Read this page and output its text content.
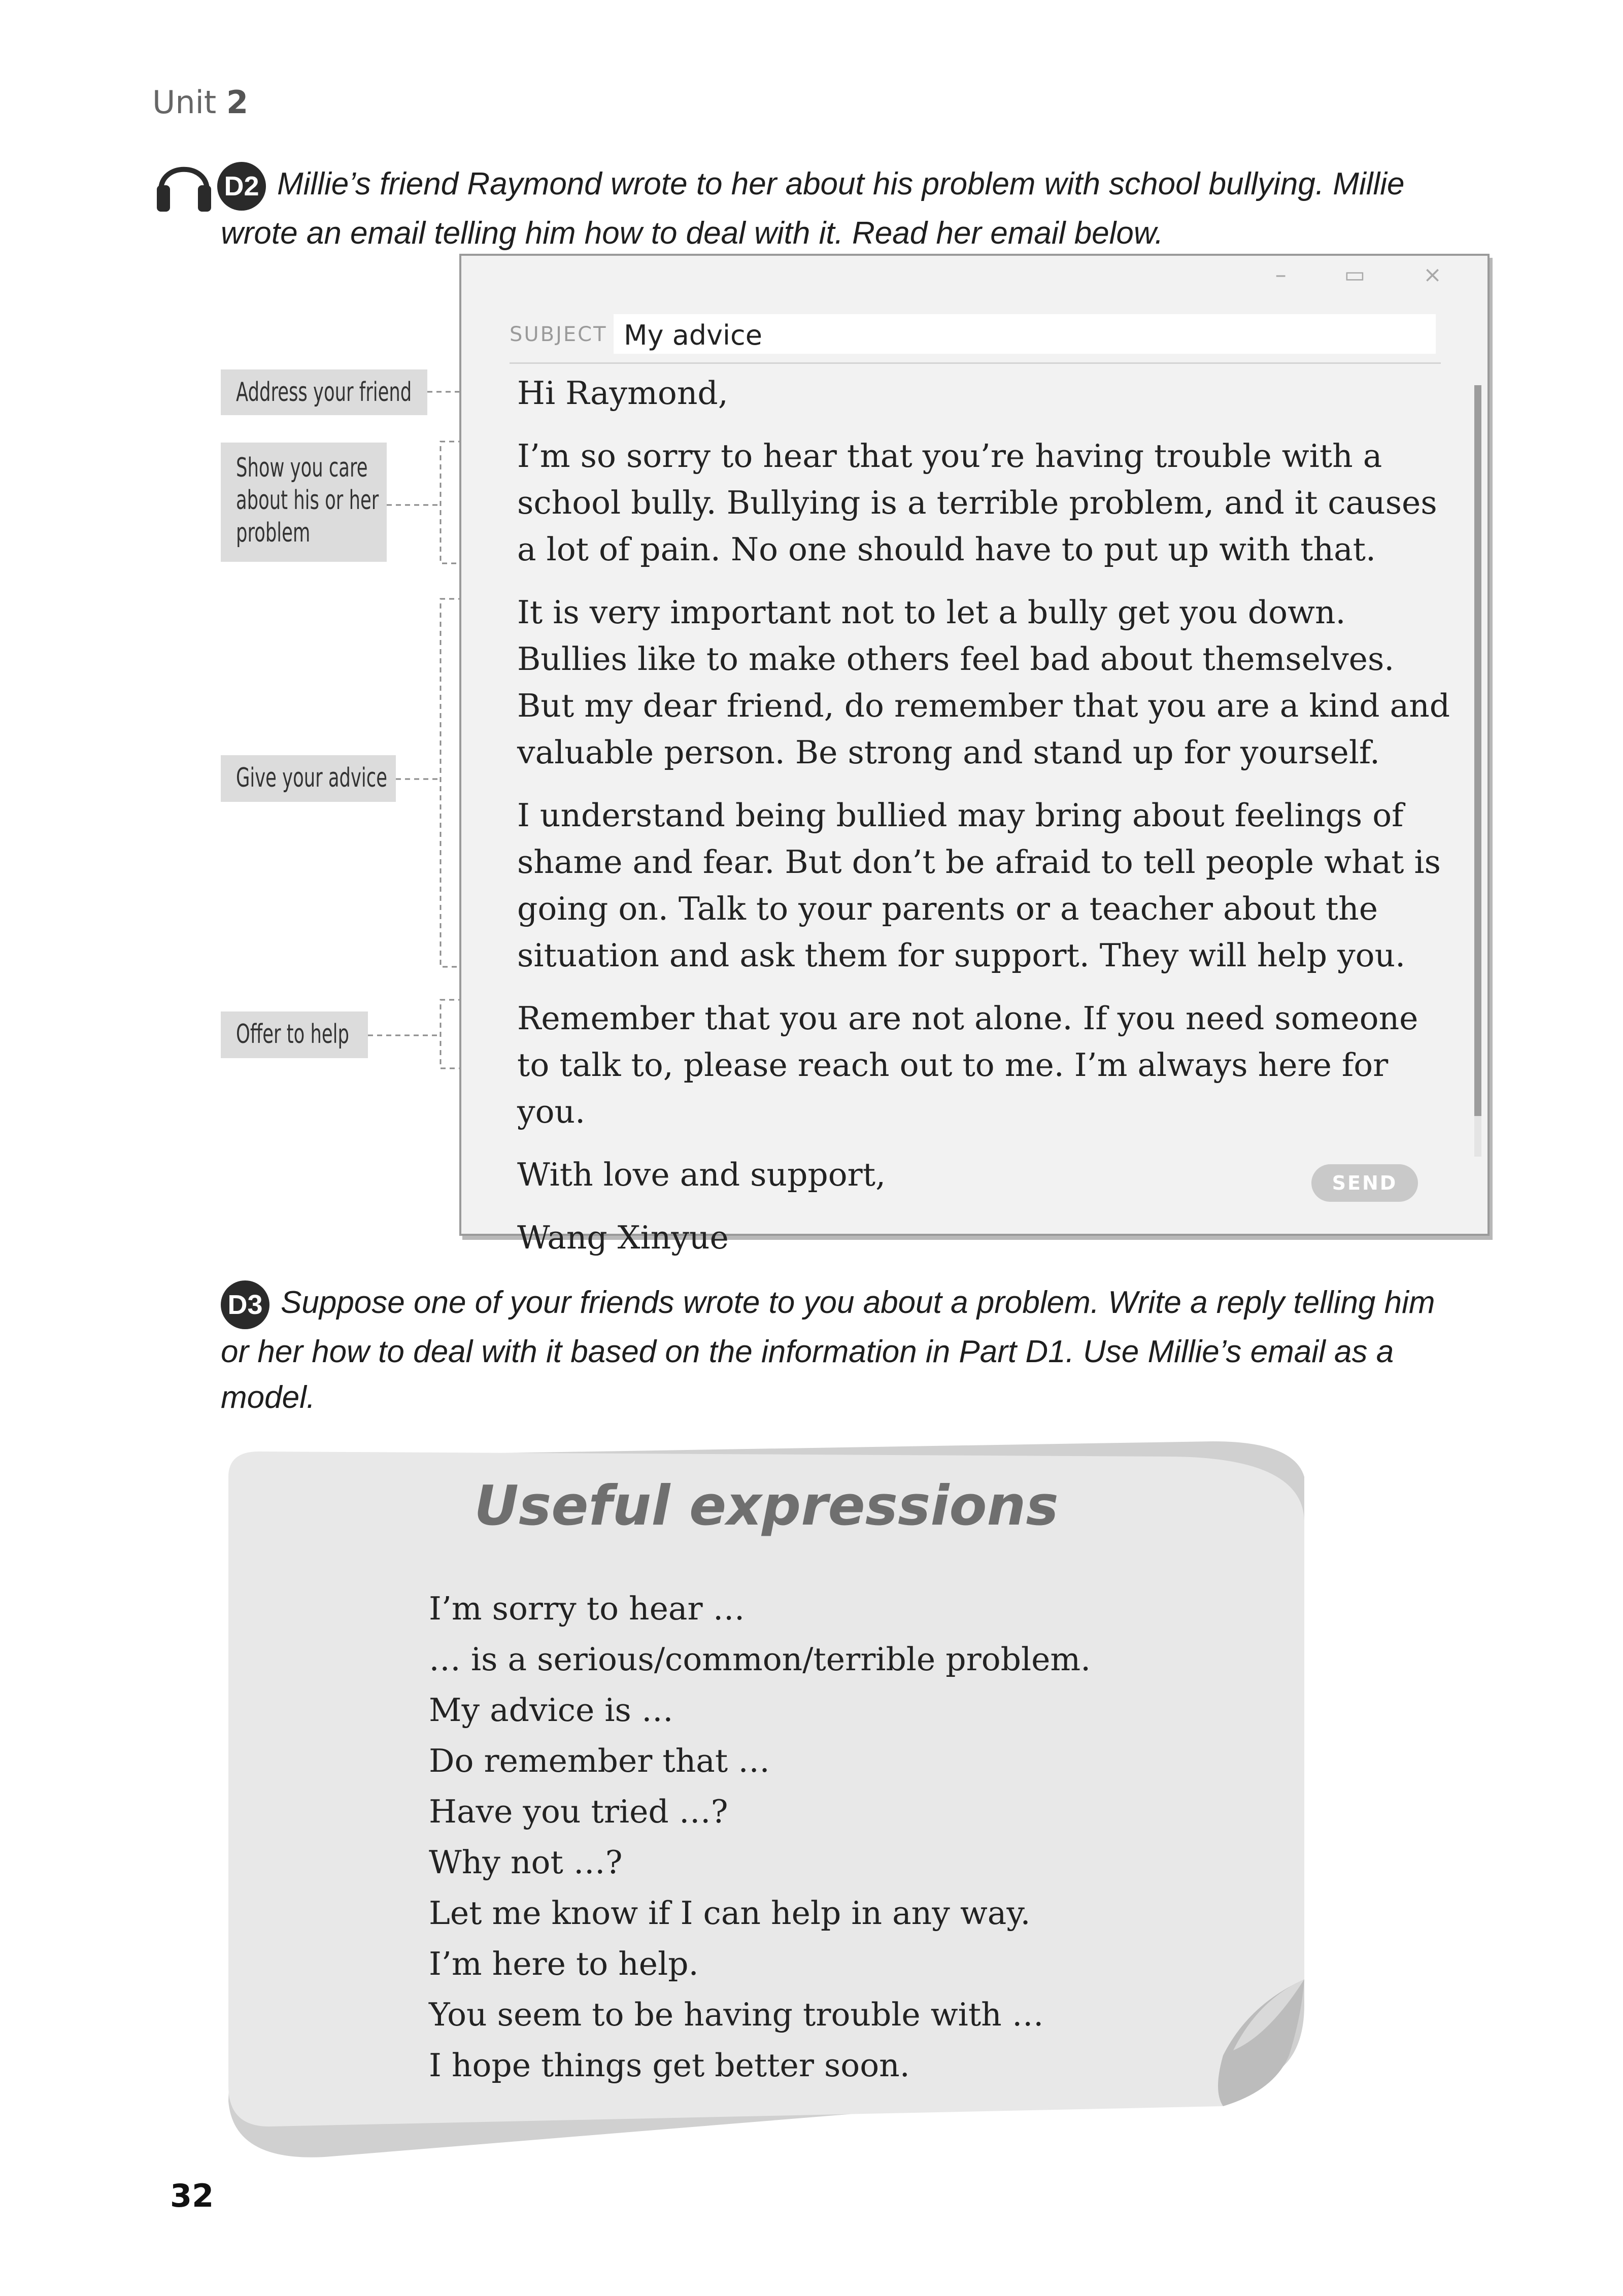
Unit 2
D2 Millie’s friend Raymond wrote to her about his problem with school bullying. Millie
wrote an email telling him how to deal with it. Read her email below.
Address your friend
Show you care
about his or her
problem
Give your advice
Offer to help
– ▭ ×
SUBJECT My advice

Hi Raymond,

I’m so sorry to hear that you’re having trouble with a school bully. Bullying is a terrible problem, and it causes a lot of pain. No one should have to put up with that.

It is very important not to let a bully get you down. Bullies like to make others feel bad about themselves. But my dear friend, do remember that you are a kind and valuable person. Be strong and stand up for yourself.

I understand being bullied may bring about feelings of shame and fear. But don’t be afraid to tell people what is going on. Talk to your parents or a teacher about the situation and ask them for support. They will help you.

Remember that you are not alone. If you need someone to talk to, please reach out to me. I’m always here for you.

With love and support,

Wang Xinyue

SEND
D3 Suppose one of your friends wrote to you about a problem. Write a reply telling him
or her how to deal with it based on the information in Part D1. Use Millie’s email as a
model.
Useful expressions
I’m sorry to hear …
… is a serious/common/terrible problem.
My advice is …
Do remember that …
Have you tried …?
Why not …?
Let me know if I can help in any way.
I’m here to help.
You seem to be having trouble with …
I hope things get better soon.
32
